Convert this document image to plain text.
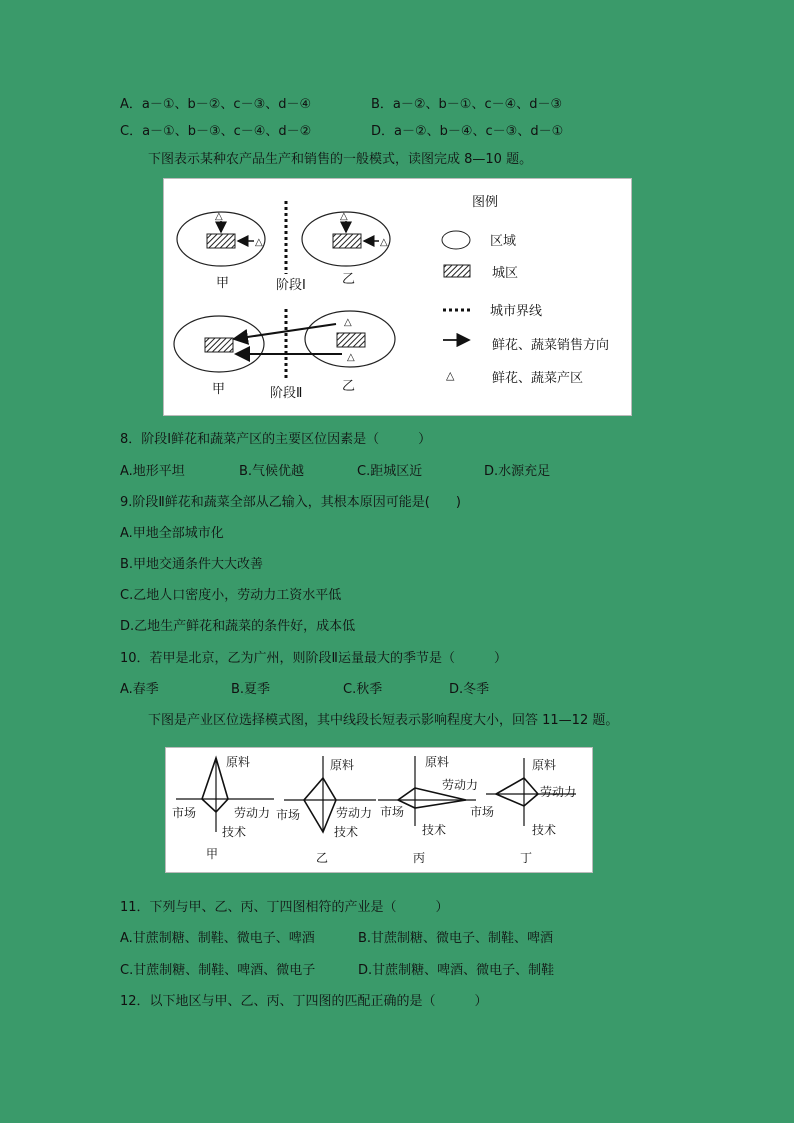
A．a－①、b－②、c－③、d－④	B．a－②、b－①、c－④、d－③
C．a－①、b－③、c－④、d－②	D．a－②、b－④、c－③、d－①
下图表示某种农产品生产和销售的一般模式，读图完成 8—10 题。
△
△
甲	阶段Ⅰ
△
△
乙
甲	阶段Ⅱ
△
△
乙
图例
区域
城区
城市界线
鲜花、蔬菜销售方向
△	鲜花、蔬菜产区
8．阶段Ⅰ鲜花和蔬菜产区的主要区位因素是（　　　）
A.地形平坦	B.气候优越	C.距城区近	D.水源充足
9.阶段Ⅱ鲜花和蔬菜全部从乙输入，其根本原因可能是(　　)
A.甲地全部城市化
B.甲地交通条件大大改善
C.乙地人口密度小，劳动力工资水平低
D.乙地生产鲜花和蔬菜的条件好，成本低
10．若甲是北京，乙为广州，则阶段Ⅱ运量最大的季节是（　　　）
A.春季	B.夏季	C.秋季	D.冬季
下图是产业区位选择模式图，其中线段长短表示影响程度大小，回答 11—12 题。
原料
劳动力
市场
技术
甲
原料
劳动力
市场
技术
乙
原料
劳动力
市场
技术
丙
原料
劳动力
市场
技术
丁
11．下列与甲、乙、丙、丁四图相符的产业是（　　　）
A.甘蔗制糖、制鞋、微电子、啤酒	B.甘蔗制糖、微电子、制鞋、啤酒
C.甘蔗制糖、制鞋、啤酒、微电子	D.甘蔗制糖、啤酒、微电子、制鞋
12．以下地区与甲、乙、丙、丁四图的匹配正确的是（　　　）
